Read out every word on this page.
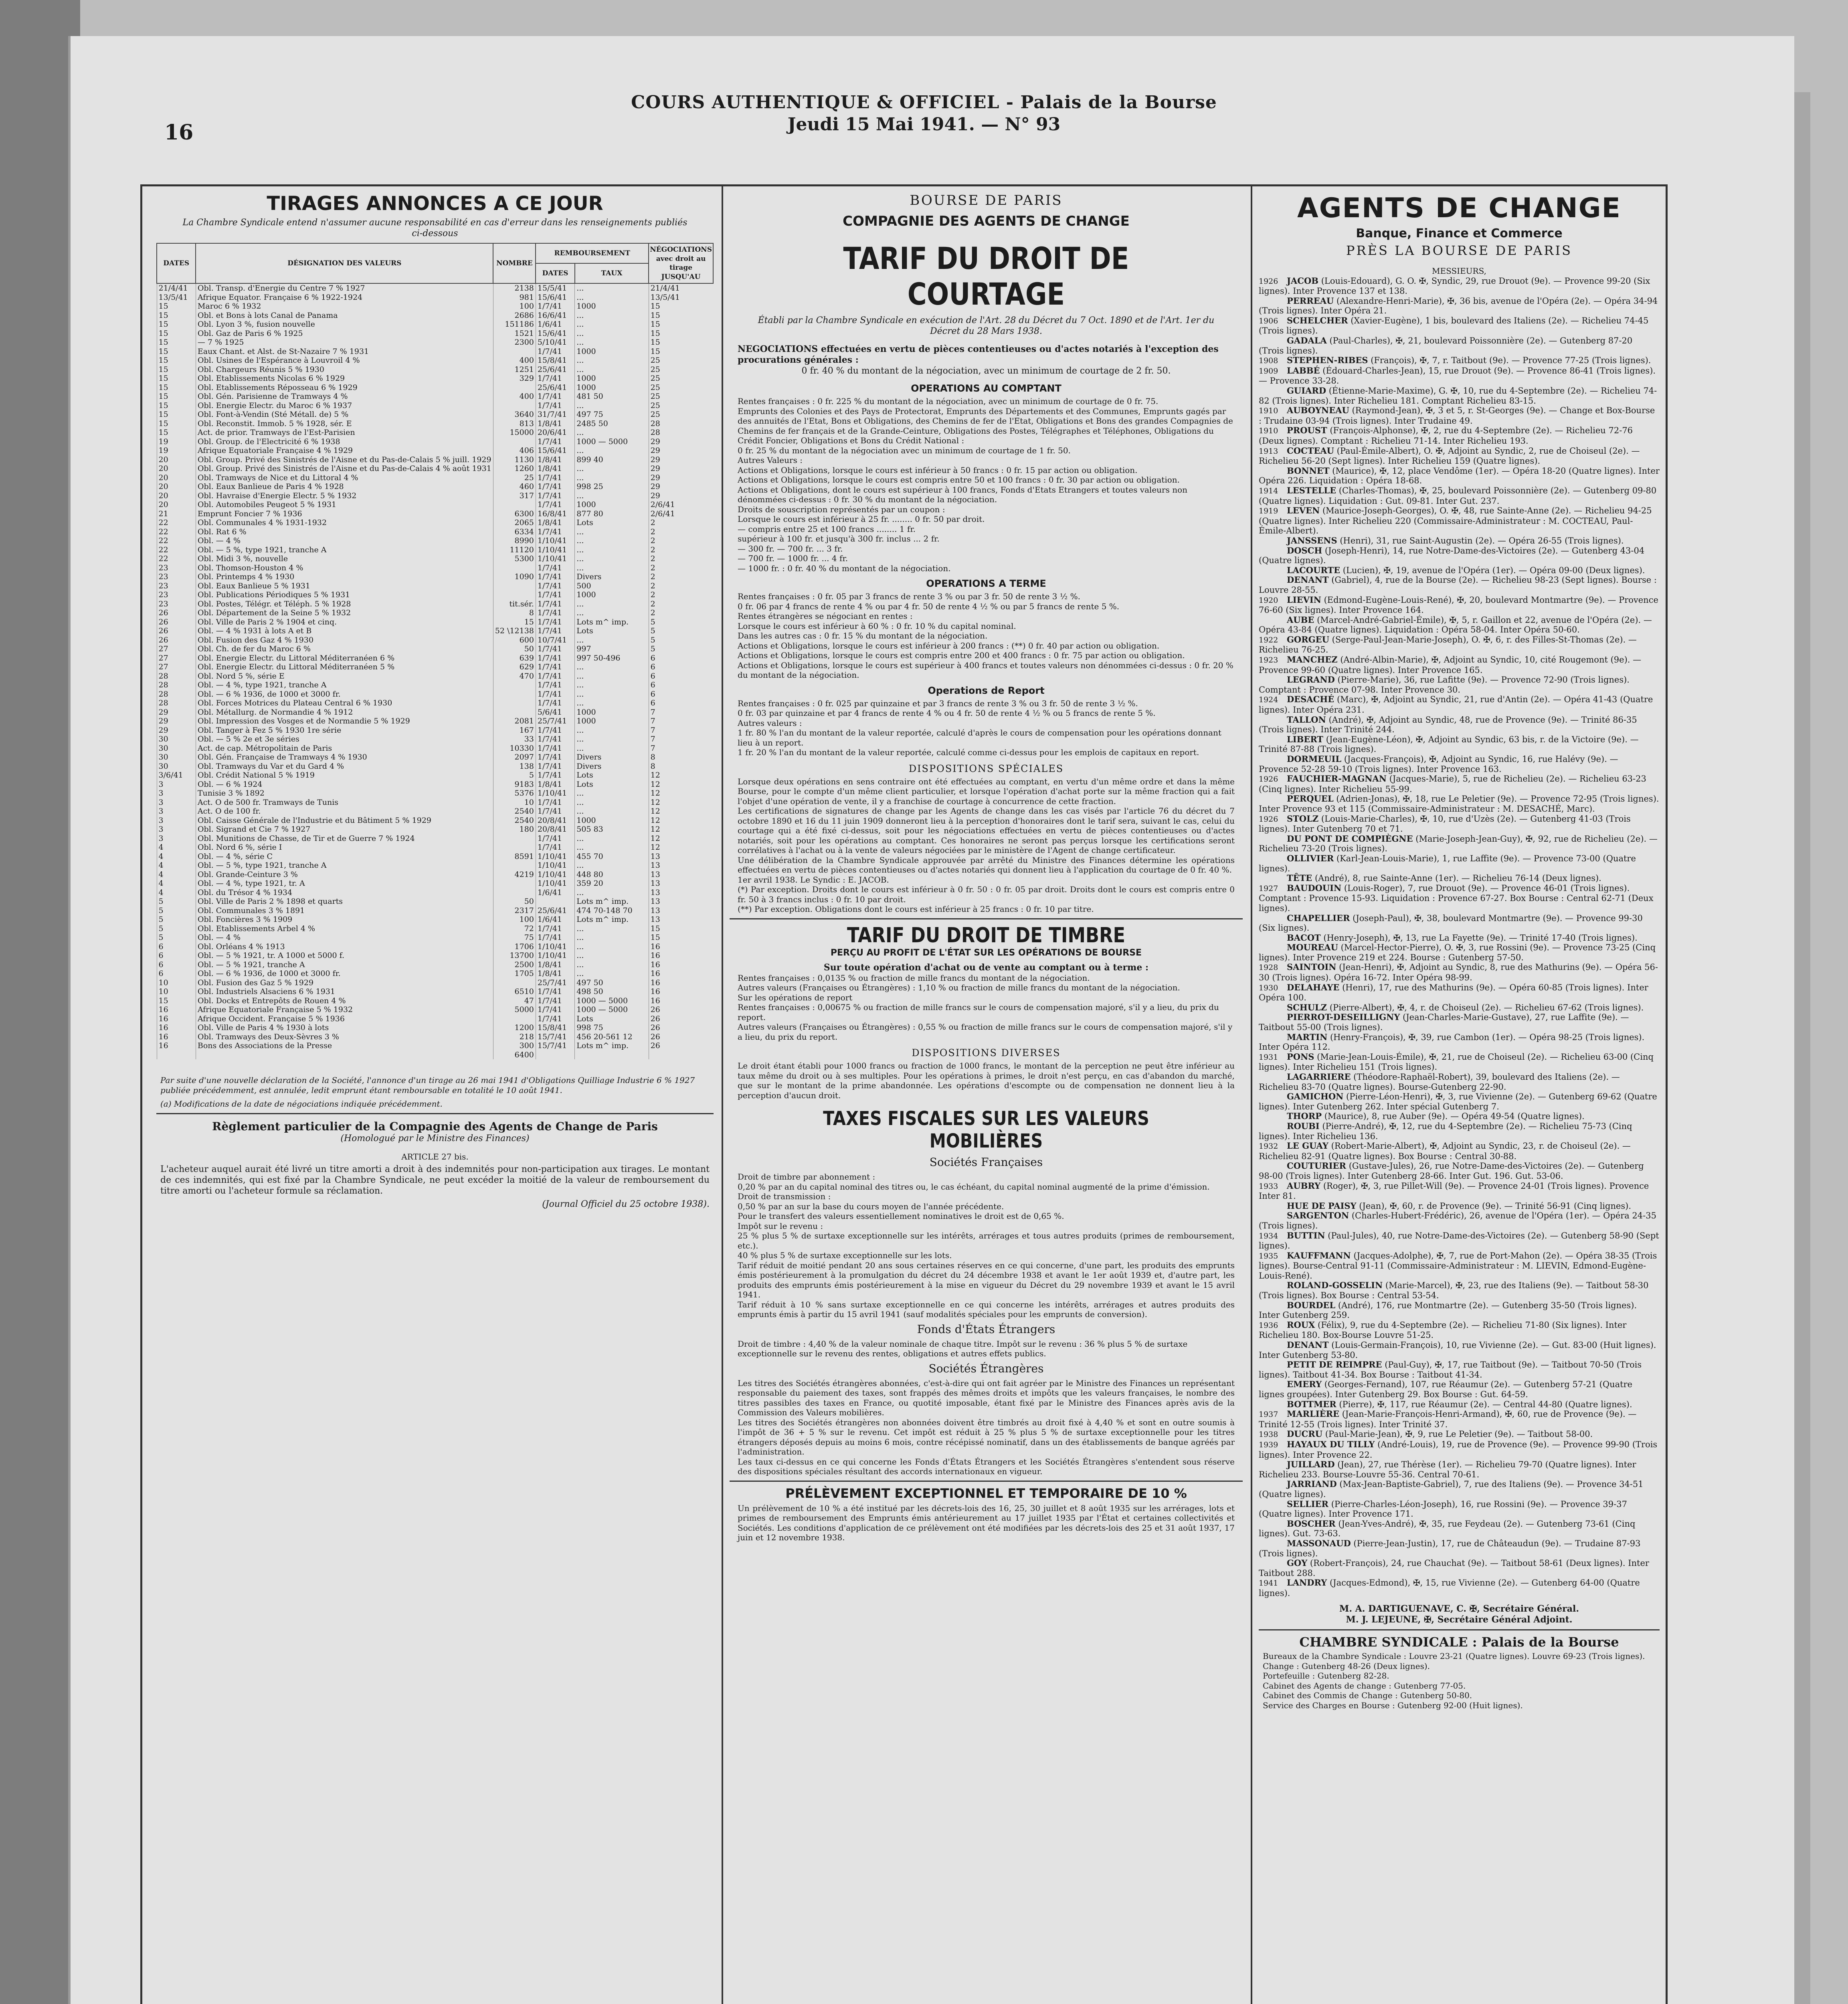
16
COURS AUTHENTIQUE & OFFICIEL - Palais de la Bourse
Jeudi 15 Mai 1941. — N° 93
TIRAGES ANNONCES A CE JOUR
La Chambre Syndicale entend n'assumer aucune responsabilité en cas d'erreur dans les renseignements publiés ci-dessous
DATES	DÉSIGNATION DES VALEURS	NOMBRE	REMBOURSEMENT		NÉGOCIATIONS avec droit au tirage JUSQU'AU
			DATES	TAUX	
21/4/41	Obl. Transp. d'Energie du Centre 7 % 1927	2138	15/5/41	...	21/4/41
13/5/41	Afrique Equator. Française 6 % 1922-1924	981	15/6/41	...	13/5/41
15	Maroc 6 % 1932	100	1/7/41	1000	15
15	Obl. et Bons à lots Canal de Panama	2686	16/6/41	...	15
15	Obl. Lyon 3 %, fusion nouvelle	151186	1/6/41	...	15
15	Obl. Gaz de Paris 6 % 1925	1521	15/6/41	...	15
15	— 7 % 1925	2300	5/10/41	...	15
15	Eaux Chant. et Alst. de St-Nazaire 7 % 1931		1/7/41	1000	15
15	Obl. Usines de l'Espérance à Louvroil 4 %	400	15/8/41	...	25
15	Obl. Chargeurs Réunis 5 % 1930	1251	25/6/41	...	25
15	Obl. Etablissements Nicolas 6 % 1929	329	1/7/41	1000	25
15	Obl. Etablissements Réposseau 6 % 1929		25/6/41	1000	25
15	Obl. Gén. Parisienne de Tramways 4 %	400	1/7/41	481 50	25
15	Obl. Energie Electr. du Maroc 6 % 1937		1/7/41	...	25
15	Obl. Font-à-Vendin (Sté Métall. de) 5 %	3640	31/7/41	497 75	25
15	Obl. Reconstit. Immob. 5 % 1928, sér. E	813	1/8/41	2485 50	28
15	Act. de prior. Tramways de l'Est-Parisien	15000	20/6/41	...	28
19	Obl. Group. de l'Electricité 6 % 1938		1/7/41	1000 — 5000	29
19	Afrique Equatoriale Française 4 % 1929	406	15/6/41	...	29
20	Obl. Group. Privé des Sinistrés de l'Aisne et du Pas-de-Calais 5 % juill. 1929	1130	1/8/41	899 40	29
20	Obl. Group. Privé des Sinistrés de l'Aisne et du Pas-de-Calais 4 % août 1931	1260	1/8/41	...	29
20	Obl. Tramways de Nice et du Littoral 4 %	25	1/7/41	...	29
20	Obl. Eaux Banlieue de Paris 4 % 1928	460	1/7/41	998 25	29
20	Obl. Havraise d'Energie Electr. 5 % 1932	317	1/7/41	...	29
20	Obl. Automobiles Peugeot 5 % 1931		1/7/41	1000	2/6/41
21	Emprunt Foncier 7 % 1936	6300	16/8/41	877 80	2/6/41
22	Obl. Communales 4 % 1931-1932	2065	1/8/41	Lots	2
22	Obl. Rat 6 %	6334	1/7/41	...	2
22	Obl. — 4 %	8990	1/10/41	...	2
22	Obl. — 5 %, type 1921, tranche A	11120	1/10/41	...	2
22	Obl. Midi 3 %, nouvelle	5300	1/10/41	...	2
23	Obl. Thomson-Houston 4 %		1/7/41	...	2
23	Obl. Printemps 4 % 1930	1090	1/7/41	Divers	2
23	Obl. Eaux Banlieue 5 % 1931		1/7/41	500	2
23	Obl. Publications Périodiques 5 % 1931		1/7/41	1000	2
23	Obl. Postes, Télégr. et Téléph. 5 % 1928	tit.sér.	1/7/41	...	2
26	Obl. Département de la Seine 5 % 1932	8	1/7/41	...	2
26	Obl. Ville de Paris 2 % 1904 et cinq.	15	1/7/41	Lots m^ imp.	5
26	Obl. — 4 % 1931 à lots A et B	52 \12138	1/7/41	Lots	5
26	Obl. Fusion des Gaz 4 % 1930	600	10/7/41	...	5
27	Obl. Ch. de fer du Maroc 6 %	50	1/7/41	997	5
27	Obl. Energie Electr. du Littoral Méditerranéen 6 %	639	1/7/41	997 50-496	6
27	Obl. Energie Electr. du Littoral Méditerranéen 5 %	629	1/7/41	...	6
28	Obl. Nord 5 %, série E	470	1/7/41	...	6
28	Obl. — 4 %, type 1921, tranche A		1/7/41	...	6
28	Obl. — 6 % 1936, de 1000 et 3000 fr.		1/7/41	...	6
28	Obl. Forces Motrices du Plateau Central 6 % 1930		1/7/41	...	6
29	Obl. Métallurg. de Normandie 4 % 1912		5/6/41	1000	7
29	Obl. Impression des Vosges et de Normandie 5 % 1929	2081	25/7/41	1000	7
29	Obl. Tanger à Fez 5 % 1930 1re série	167	1/7/41	...	7
30	Obl. — 5 % 2e et 3e séries	33	1/7/41	...	7
30	Act. de cap. Métropolitain de Paris	10330	1/7/41	...	7
30	Obl. Gén. Française de Tramways 4 % 1930	2097	1/7/41	Divers	8
30	Obl. Tramways du Var et du Gard 4 %	138	1/7/41	Divers	8
3/6/41	Obl. Crédit National 5 % 1919	5	1/7/41	Lots	12
3	Obl. — 6 % 1924	9183	1/8/41	Lots	12
3	Tunisie 3 % 1892	5376	1/10/41	...	12
3	Act. O de 500 fr. Tramways de Tunis	10	1/7/41	...	12
3	Act. O de 100 fr.	2540	1/7/41	...	12
3	Obl. Caisse Générale de l'Industrie et du Bâtiment 5 % 1929	2540	20/8/41	1000	12
3	Obl. Sigrand et Cie 7 % 1927	180	20/8/41	505 83	12
3	Obl. Munitions de Chasse, de Tir et de Guerre 7 % 1924		1/7/41	...	12
4	Obl. Nord 6 %, série I		1/7/41	...	12
4	Obl. — 4 %, série C	8591	1/10/41	455 70	13
4	Obl. — 5 %, type 1921, tranche A		1/10/41	...	13
4	Obl. Grande-Ceinture 3 %	4219	1/10/41	448 80	13
4	Obl. — 4 %, type 1921, tr. A		1/10/41	359 20	13
4	Obl. du Trésor 4 % 1934		1/6/41	...	13
5	Obl. Ville de Paris 2 % 1898 et quarts	50		Lots m^ imp.	13
5	Obl. Communales 3 % 1891	2317	25/6/41	474 70-148 70	13
5	Obl. Foncières 3 % 1909	100	1/6/41	Lots m^ imp.	13
5	Obl. Etablissements Arbel 4 %	72	1/7/41	...	15
5	Obl. — 4 %	75	1/7/41	...	15
6	Obl. Orléans 4 % 1913	1706	1/10/41	...	16
6	Obl. — 5 % 1921, tr. A 1000 et 5000 f.	13700	1/10/41	...	16
6	Obl. — 5 % 1921, tranche A	2500	1/8/41	...	16
6	Obl. — 6 % 1936, de 1000 et 3000 fr.	1705	1/8/41	...	16
10	Obl. Fusion des Gaz 5 % 1929		25/7/41	497 50	16
10	Obl. Industriels Alsaciens 6 % 1931	6510	1/7/41	498 50	16
15	Obl. Docks et Entrepôts de Rouen 4 %	47	1/7/41	1000 — 5000	16
16	Afrique Equatoriale Française 5 % 1932	5000	1/7/41	1000 — 5000	26
16	Afrique Occident. Française 5 % 1936		1/7/41	Lots	26
16	Obl. Ville de Paris 4 % 1930 à lots	1200	15/8/41	998 75	26
16	Obl. Tramways des Deux-Sèvres 3 %	218	15/7/41	456 20-561 12	26
16	Bons des Associations de la Presse	300	15/7/41	Lots m^ imp.	26
		6400			
Par suite d'une nouvelle déclaration de la Société, l'annonce d'un tirage au 26 mai 1941 d'Obligations Quilliage Industrie 6 % 1927 publiée précédemment, est annulée, ledit emprunt étant remboursable en totalité le 10 août 1941.
(a) Modifications de la date de négociations indiquée précédemment.
Règlement particulier de la Compagnie des Agents de Change de Paris
(Homologué par le Ministre des Finances)
ARTICLE 27 bis.
L'acheteur auquel aurait été livré un titre amorti a droit à des indemnités pour non-participation aux tirages. Le montant de ces indemnités, qui est fixé par la Chambre Syndicale, ne peut excéder la moitié de la valeur de remboursement du titre amorti ou l'acheteur formule sa réclamation.
(Journal Officiel du 25 octobre 1938).
BOURSE DE PARIS
COMPAGNIE DES AGENTS DE CHANGE
TARIF DU DROIT DE COURTAGE
Établi par la Chambre Syndicale en exécution de l'Art. 28 du Décret du 7 Oct. 1890 et de l'Art. 1er du Décret du 28 Mars 1938.
NEGOCIATIONS effectuées en vertu de pièces contentieuses ou d'actes notariés à l'exception des procurations générales :
0 fr. 40 % du montant de la négociation, avec un minimum de courtage de 2 fr. 50.
OPERATIONS AU COMPTANT

Rentes françaises : 0 fr. 225 % du montant de la négociation, avec un minimum de courtage de 0 fr. 75.

Emprunts des Colonies et des Pays de Protectorat, Emprunts des Départements et des Communes, Emprunts gagés par des annuités de l'Etat, Bons et Obligations, des Chemins de fer de l'Etat, Obligations et Bons des grandes Compagnies de Chemins de fer français et de la Grande-Ceinture, Obligations des Postes, Télégraphes et Téléphones, Obligations du Crédit Foncier, Obligations et Bons du Crédit National :

0 fr. 25 % du montant de la négociation avec un minimum de courtage de 1 fr. 50.

Autres Valeurs :

Actions et Obligations, lorsque le cours est inférieur à 50 francs : 0 fr. 15 par action ou obligation.

Actions et Obligations, lorsque le cours est compris entre 50 et 100 francs : 0 fr. 30 par action ou obligation.

Actions et Obligations, dont le cours est supérieur à 100 francs, Fonds d'Etats Etrangers et toutes valeurs non dénommées ci-dessus : 0 fr. 30 % du montant de la négociation.

Droits de souscription représentés par un coupon :

Lorsque le cours est inférieur à 25 fr. ........ 0 fr. 50 par droit.

— compris entre 25 et 100 francs ........ 1 fr.

supérieur à 100 fr. et jusqu'à 300 fr. inclus ... 2 fr.

— 300 fr. — 700 fr. ... 3 fr.

— 700 fr. — 1000 fr. ... 4 fr.

— 1000 fr. : 0 fr. 40 % du montant de la négociation.

OPERATIONS A TERME

Rentes françaises : 0 fr. 05 par 3 francs de rente 3 % ou par 3 fr. 50 de rente 3 ½ %.

0 fr. 06 par 4 francs de rente 4 % ou par 4 fr. 50 de rente 4 ½ % ou par 5 francs de rente 5 %.

Rentes étrangères se négociant en rentes :

Lorsque le cours est inférieur à 60 % : 0 fr. 10 % du capital nominal.

Dans les autres cas : 0 fr. 15 % du montant de la négociation.

Actions et Obligations, lorsque le cours est inférieur à 200 francs : (**) 0 fr. 40 par action ou obligation.

Actions et Obligations, lorsque le cours est compris entre 200 et 400 francs : 0 fr. 75 par action ou obligation.

Actions et Obligations, lorsque le cours est supérieur à 400 francs et toutes valeurs non dénommées ci-dessus : 0 fr. 20 % du montant de la négociation.

Operations de Report

Rentes françaises : 0 fr. 025 par quinzaine et par 3 francs de rente 3 % ou 3 fr. 50 de rente 3 ½ %.

0 fr. 03 par quinzaine et par 4 francs de rente 4 % ou 4 fr. 50 de rente 4 ½ % ou 5 francs de rente 5 %.

Autres valeurs :

1 fr. 80 % l'an du montant de la valeur reportée, calculé d'après le cours de compensation pour les opérations donnant lieu à un report.

1 fr. 20 % l'an du montant de la valeur reportée, calculé comme ci-dessus pour les emplois de capitaux en report.

DISPOSITIONS SPÉCIALES

Lorsque deux opérations en sens contraire ont été effectuées au comptant, en vertu d'un même ordre et dans la même Bourse, pour le compte d'un même client particulier, et lorsque l'opération d'achat porte sur la même fraction qui a fait l'objet d'une opération de vente, il y a franchise de courtage à concurrence de cette fraction.

Les certifications de signatures de change par les Agents de change dans les cas visés par l'article 76 du décret du 7 octobre 1890 et 16 du 11 juin 1909 donneront lieu à la perception d'honoraires dont le tarif sera, suivant le cas, celui du courtage qui a été fixé ci-dessus, soit pour les négociations effectuées en vertu de pièces contentieuses ou d'actes notariés, soit pour les opérations au comptant. Ces honoraires ne seront pas perçus lorsque les certifications seront corrélatives à l'achat ou à la vente de valeurs négociées par le ministère de l'Agent de change certificateur.

Une délibération de la Chambre Syndicale approuvée par arrêté du Ministre des Finances détermine les opérations effectuées en vertu de pièces contentieuses ou d'actes notariés qui donnent lieu à l'application du courtage de 0 fr. 40 %.

1er avril 1938. Le Syndic : E. JACOB.

(*) Par exception. Droits dont le cours est inférieur à 0 fr. 50 : 0 fr. 05 par droit. Droits dont le cours est compris entre 0 fr. 50 à 3 francs inclus : 0 fr. 10 par droit.

(**) Par exception. Obligations dont le cours est inférieur à 25 francs : 0 fr. 10 par titre.

TARIF DU DROIT DE TIMBRE
PERÇU AU PROFIT DE L'ÉTAT SUR LES OPÉRATIONS DE BOURSE
Sur toute opération d'achat ou de vente au comptant ou à terme :

Rentes françaises : 0,0135 % ou fraction de mille francs du montant de la négociation.

Autres valeurs (Françaises ou Étrangères) : 1,10 % ou fraction de mille francs du montant de la négociation.

Sur les opérations de report

Rentes françaises : 0,00675 % ou fraction de mille francs sur le cours de compensation majoré, s'il y a lieu, du prix du report.

Autres valeurs (Françaises ou Étrangères) : 0,55 % ou fraction de mille francs sur le cours de compensation majoré, s'il y a lieu, du prix du report.

DISPOSITIONS DIVERSES
Le droit étant établi pour 1000 francs ou fraction de 1000 francs, le montant de la perception ne peut être inférieur au taux même du droit ou à ses multiples. Pour les opérations à primes, le droit n'est perçu, en cas d'abandon du marché, que sur le montant de la prime abandonnée. Les opérations d'escompte ou de compensation ne donnent lieu à la perception d'aucun droit.
TAXES FISCALES SUR LES VALEURS MOBILIÈRES
Sociétés Françaises

Droit de timbre par abonnement :

0,20 % par an du capital nominal des titres ou, le cas échéant, du capital nominal augmenté de la prime d'émission.

Droit de transmission :

0,50 % par an sur la base du cours moyen de l'année précédente.

Pour le transfert des valeurs essentiellement nominatives le droit est de 0,65 %.

Impôt sur le revenu :

25 % plus 5 % de surtaxe exceptionnelle sur les intérêts, arrérages et tous autres produits (primes de remboursement, etc.).

40 % plus 5 % de surtaxe exceptionnelle sur les lots.

Tarif réduit de moitié pendant 20 ans sous certaines réserves en ce qui concerne, d'une part, les produits des emprunts émis postérieurement à la promulgation du décret du 24 décembre 1938 et avant le 1er août 1939 et, d'autre part, les produits des emprunts émis postérieurement à la mise en vigueur du Décret du 29 novembre 1939 et avant le 15 avril 1941.

Tarif réduit à 10 % sans surtaxe exceptionnelle en ce qui concerne les intérêts, arrérages et autres produits des emprunts émis à partir du 15 avril 1941 (sauf modalités spéciales pour les emprunts de conversion).

Fonds d'États Étrangers
Droit de timbre : 4,40 % de la valeur nominale de chaque titre. Impôt sur le revenu : 36 % plus 5 % de surtaxe exceptionnelle sur le revenu des rentes, obligations et autres effets publics.
Sociétés Étrangères

Les titres des Sociétés étrangères abonnées, c'est-à-dire qui ont fait agréer par le Ministre des Finances un représentant responsable du paiement des taxes, sont frappés des mêmes droits et impôts que les valeurs françaises, le nombre des titres passibles des taxes en France, ou quotité imposable, étant fixé par le Ministre des Finances après avis de la Commission des Valeurs mobilières.

Les titres des Sociétés étrangères non abonnées doivent être timbrés au droit fixé à 4,40 % et sont en outre soumis à l'impôt de 36 + 5 % sur le revenu. Cet impôt est réduit à 25 % plus 5 % de surtaxe exceptionnelle pour les titres étrangers déposés depuis au moins 6 mois, contre récépissé nominatif, dans un des établissements de banque agréés par l'administration.

Les taux ci-dessus en ce qui concerne les Fonds d'États Étrangers et les Sociétés Étrangères s'entendent sous réserve des dispositions spéciales résultant des accords internationaux en vigueur.

PRÉLÈVEMENT EXCEPTIONNEL ET TEMPORAIRE DE 10 %
Un prélèvement de 10 % a été institué par les décrets-lois des 16, 25, 30 juillet et 8 août 1935 sur les arrérages, lots et primes de remboursement des Emprunts émis antérieurement au 17 juillet 1935 par l'État et certaines collectivités et Sociétés. Les conditions d'application de ce prélèvement ont été modifiées par les décrets-lois des 25 et 31 août 1937, 17 juin et 12 novembre 1938.
AGENTS DE CHANGE
Banque, Finance et Commerce
PRÈS LA BOURSE DE PARIS
MESSIEURS,

1926 JACOB (Louis-Edouard), G. O. ✠, Syndic, 29, rue Drouot (9e). — Provence 99-20 (Six lignes). Inter Provence 137 et 138.

PERREAU (Alexandre-Henri-Marie), ✠, 36 bis, avenue de l'Opéra (2e). — Opéra 34-94 (Trois lignes). Inter Opéra 21.

1906 SCHELCHER (Xavier-Eugène), 1 bis, boulevard des Italiens (2e). — Richelieu 74-45 (Trois lignes).

GADALA (Paul-Charles), ✠, 21, boulevard Poissonnière (2e). — Gutenberg 87-20 (Trois lignes).

1908 STEPHEN-RIBES (François), ✠, 7, r. Taitbout (9e). — Provence 77-25 (Trois lignes).

1909 LABBÉ (Édouard-Charles-Jean), 15, rue Drouot (9e). — Provence 86-41 (Trois lignes). — Provence 33-28.

GUIARD (Étienne-Marie-Maxime), G. ✠, 10, rue du 4-Septembre (2e). — Richelieu 74-82 (Trois lignes). Inter Richelieu 181. Comptant Richelieu 83-15.

1910 AUBOYNEAU (Raymond-Jean), ✠, 3 et 5, r. St-Georges (9e). — Change et Box-Bourse : Trudaine 03-94 (Trois lignes). Inter Trudaine 49.

1910 PROUST (François-Alphonse), ✠, 2, rue du 4-Septembre (2e). — Richelieu 72-76 (Deux lignes). Comptant : Richelieu 71-14. Inter Richelieu 193.

1913 COCTEAU (Paul-Émile-Albert), O. ✠, Adjoint au Syndic, 2, rue de Choiseul (2e). — Richelieu 56-20 (Sept lignes). Inter Richelieu 159 (Quatre lignes).

BONNET (Maurice), ✠, 12, place Vendôme (1er). — Opéra 18-20 (Quatre lignes). Inter Opéra 226. Liquidation : Opéra 18-68.

1914 LESTELLE (Charles-Thomas), ✠, 25, boulevard Poissonnière (2e). — Gutenberg 09-80 (Quatre lignes). Liquidation : Gut. 09-81. Inter Gut. 237.

1919 LEVEN (Maurice-Joseph-Georges), O. ✠, 48, rue Sainte-Anne (2e). — Richelieu 94-25 (Quatre lignes). Inter Richelieu 220 (Commissaire-Administrateur : M. COCTEAU, Paul-Émile-Albert).

JANSSENS (Henri), 31, rue Saint-Augustin (2e). — Opéra 26-55 (Trois lignes).

DOSCH (Joseph-Henri), 14, rue Notre-Dame-des-Victoires (2e). — Gutenberg 43-04 (Quatre lignes).

LACOURTE (Lucien), ✠, 19, avenue de l'Opéra (1er). — Opéra 09-00 (Deux lignes).

DENANT (Gabriel), 4, rue de la Bourse (2e). — Richelieu 98-23 (Sept lignes). Bourse : Louvre 28-55.

1920 LIEVIN (Edmond-Eugène-Louis-René), ✠, 20, boulevard Montmartre (9e). — Provence 76-60 (Six lignes). Inter Provence 164.

AUBE (Marcel-André-Gabriel-Émile), ✠, 5, r. Gaillon et 22, avenue de l'Opéra (2e). — Opéra 43-84 (Quatre lignes). Liquidation : Opéra 58-04. Inter Opéra 50-60.

1922 GORGEU (Serge-Paul-Jean-Marie-Joseph), O. ✠, 6, r. des Filles-St-Thomas (2e). — Richelieu 76-25.

1923 MANCHEZ (André-Albin-Marie), ✠, Adjoint au Syndic, 10, cité Rougemont (9e). — Provence 99-60 (Quatre lignes). Inter Provence 165.

LEGRAND (Pierre-Marie), 36, rue Lafitte (9e). — Provence 72-90 (Trois lignes). Comptant : Provence 07-98. Inter Provence 30.

1924 DESACHÉ (Marc), ✠, Adjoint au Syndic, 21, rue d'Antin (2e). — Opéra 41-43 (Quatre lignes). Inter Opéra 231.

TALLON (André), ✠, Adjoint au Syndic, 48, rue de Provence (9e). — Trinité 86-35 (Trois lignes). Inter Trinité 244.

LIBERT (Jean-Eugène-Léon), ✠, Adjoint au Syndic, 63 bis, r. de la Victoire (9e). — Trinité 87-88 (Trois lignes).

DORMEUIL (Jacques-François), ✠, Adjoint au Syndic, 16, rue Halévy (9e). — Provence 52-28 59-10 (Trois lignes). Inter Provence 163.

1926 FAUCHIER-MAGNAN (Jacques-Marie), 5, rue de Richelieu (2e). — Richelieu 63-23 (Cinq lignes). Inter Richelieu 55-99.

PERQUEL (Adrien-Jonas), ✠, 18, rue Le Peletier (9e). — Provence 72-95 (Trois lignes). Inter Provence 93 et 115 (Commissaire-Administrateur : M. DESACHÉ, Marc).

1926 STOLZ (Louis-Marie-Charles), ✠, 10, rue d'Uzès (2e). — Gutenberg 41-03 (Trois lignes). Inter Gutenberg 70 et 71.

DU PONT DE COMPIÈGNE (Marie-Joseph-Jean-Guy), ✠, 92, rue de Richelieu (2e). — Richelieu 73-20 (Trois lignes).

OLLIVIER (Karl-Jean-Louis-Marie), 1, rue Laffite (9e). — Provence 73-00 (Quatre lignes).

TÊTE (André), 8, rue Sainte-Anne (1er). — Richelieu 76-14 (Deux lignes).

1927 BAUDOUIN (Louis-Roger), 7, rue Drouot (9e). — Provence 46-01 (Trois lignes). Comptant : Provence 15-93. Liquidation : Provence 67-27. Box Bourse : Central 62-71 (Deux lignes).

CHAPELLIER (Joseph-Paul), ✠, 38, boulevard Montmartre (9e). — Provence 99-30 (Six lignes).

BACOT (Henry-Joseph), ✠, 13, rue La Fayette (9e). — Trinité 17-40 (Trois lignes).

MOUREAU (Marcel-Hector-Pierre), O. ✠, 3, rue Rossini (9e). — Provence 73-25 (Cinq lignes). Inter Provence 219 et 224. Bourse : Gutenberg 57-50.

1928 SAINTOIN (Jean-Henri), ✠, Adjoint au Syndic, 8, rue des Mathurins (9e). — Opéra 56-30 (Trois lignes). Opéra 16-72. Inter Opéra 98-99.

1930 DELAHAYE (Henri), 17, rue des Mathurins (9e). — Opéra 60-85 (Trois lignes). Inter Opéra 100.

SCHULZ (Pierre-Albert), ✠, 4, r. de Choiseul (2e). — Richelieu 67-62 (Trois lignes).

PIERROT-DESEILLIGNY (Jean-Charles-Marie-Gustave), 27, rue Laffite (9e). — Taitbout 55-00 (Trois lignes).

MARTIN (Henry-François), ✠, 39, rue Cambon (1er). — Opéra 98-25 (Trois lignes). Inter Opéra 112.

1931 PONS (Marie-Jean-Louis-Émile), ✠, 21, rue de Choiseul (2e). — Richelieu 63-00 (Cinq lignes). Inter Richelieu 151 (Trois lignes).

LAGARRIERE (Théodore-Raphaël-Robert), 39, boulevard des Italiens (2e). — Richelieu 83-70 (Quatre lignes). Bourse-Gutenberg 22-90.

GAMICHON (Pierre-Léon-Henri), ✠, 3, rue Vivienne (2e). — Gutenberg 69-62 (Quatre lignes). Inter Gutenberg 262. Inter spécial Gutenberg 7.

THORP (Maurice), 8, rue Auber (9e). — Opéra 49-54 (Quatre lignes).

ROUBI (Pierre-André), ✠, 12, rue du 4-Septembre (2e). — Richelieu 75-73 (Cinq lignes). Inter Richelieu 136.

1932 LE GUAY (Robert-Marie-Albert), ✠, Adjoint au Syndic, 23, r. de Choiseul (2e). — Richelieu 82-91 (Quatre lignes). Box Bourse : Central 30-88.

COUTURIER (Gustave-Jules), 26, rue Notre-Dame-des-Victoires (2e). — Gutenberg 98-00 (Trois lignes). Inter Gutenberg 28-66. Inter Gut. 196. Gut. 53-06.

1933 AUBRY (Roger), ✠, 3, rue Pillet-Will (9e). — Provence 24-01 (Trois lignes). Provence Inter 81.

HUE DE PAISY (Jean), ✠, 60, r. de Provence (9e). — Trinité 56-91 (Cinq lignes).

SARGENTON (Charles-Hubert-Frédéric), 26, avenue de l'Opéra (1er). — Opéra 24-35 (Trois lignes).

1934 BUTTIN (Paul-Jules), 40, rue Notre-Dame-des-Victoires (2e). — Gutenberg 58-90 (Sept lignes).

1935 KAUFFMANN (Jacques-Adolphe), ✠, 7, rue de Port-Mahon (2e). — Opéra 38-35 (Trois lignes). Bourse-Central 91-11 (Commissaire-Administrateur : M. LIEVIN, Edmond-Eugène-Louis-René).

ROLAND-GOSSELIN (Marie-Marcel), ✠, 23, rue des Italiens (9e). — Taitbout 58-30 (Trois lignes). Box Bourse : Central 53-54.

BOURDEL (André), 176, rue Montmartre (2e). — Gutenberg 35-50 (Trois lignes). Inter Gutenberg 259.

1936 ROUX (Félix), 9, rue du 4-Septembre (2e). — Richelieu 71-80 (Six lignes). Inter Richelieu 180. Box-Bourse Louvre 51-25.

DENANT (Louis-Germain-François), 10, rue Vivienne (2e). — Gut. 83-00 (Huit lignes). Inter Gutenberg 53-80.

PETIT DE REIMPRE (Paul-Guy), ✠, 17, rue Taitbout (9e). — Taitbout 70-50 (Trois lignes). Taitbout 41-34. Box Bourse : Taitbout 41-34.

EMERY (Georges-Fernand), 107, rue Réaumur (2e). — Gutenberg 57-21 (Quatre lignes groupées). Inter Gutenberg 29. Box Bourse : Gut. 64-59.

BOTTMER (Pierre), ✠, 117, rue Réaumur (2e). — Central 44-80 (Quatre lignes).

1937 MARLIÈRE (Jean-Marie-François-Henri-Armand), ✠, 60, rue de Provence (9e). — Trinité 12-55 (Trois lignes). Inter Trinité 37.

1938 DUCRU (Paul-Marie-Jean), ✠, 9, rue Le Peletier (9e). — Taitbout 58-00.

1939 HAYAUX DU TILLY (André-Louis), 19, rue de Provence (9e). — Provence 99-90 (Trois lignes). Inter Provence 22.

JUILLARD (Jean), 27, rue Thérèse (1er). — Richelieu 79-70 (Quatre lignes). Inter Richelieu 233. Bourse-Louvre 55-36. Central 70-61.

JARRIAND (Max-Jean-Baptiste-Gabriel), 7, rue des Italiens (9e). — Provence 34-51 (Quatre lignes).

SELLIER (Pierre-Charles-Léon-Joseph), 16, rue Rossini (9e). — Provence 39-37 (Quatre lignes). Inter Provence 171.

BOSCHER (Jean-Yves-André), ✠, 35, rue Feydeau (2e). — Gutenberg 73-61 (Cinq lignes). Gut. 73-63.

MASSONAUD (Pierre-Jean-Justin), 17, rue de Châteaudun (9e). — Trudaine 87-93 (Trois lignes).

GOY (Robert-François), 24, rue Chauchat (9e). — Taitbout 58-61 (Deux lignes). Inter Taitbout 288.

1941 LANDRY (Jacques-Edmond), ✠, 15, rue Vivienne (2e). — Gutenberg 64-00 (Quatre lignes).

M. A. DARTIGUENAVE, C. ✠, Secrétaire Général.
M. J. LEJEUNE, ✠, Secrétaire Général Adjoint.
CHAMBRE SYNDICALE : Palais de la Bourse

Bureaux de la Chambre Syndicale : Louvre 23-21 (Quatre lignes). Louvre 69-23 (Trois lignes).

Change : Gutenberg 48-26 (Deux lignes).

Portefeuille : Gutenberg 82-28.

Cabinet des Agents de change : Gutenberg 77-05.

Cabinet des Commis de Change : Gutenberg 50-80.

Service des Charges en Bourse : Gutenberg 92-00 (Huit lignes).
